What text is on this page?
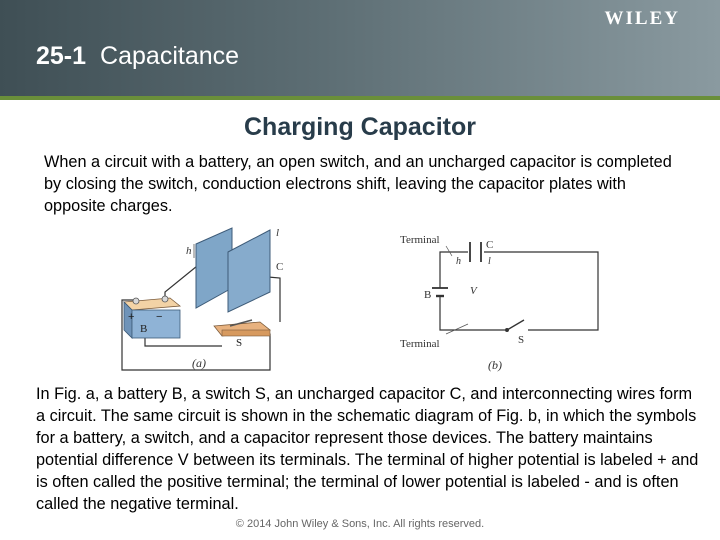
WILEY
25-1 Capacitance
Charging Capacitor
When a circuit with a battery, an open switch, and an uncharged capacitor is completed by closing the switch, conduction electrons shift, leaving the capacitor plates with opposite charges.
h
l
C
+ −
B
S
(a)
C
h	l
B	V
S
Terminal
Terminal
(b)
In Fig. a, a battery B, a switch S, an uncharged capacitor C, and interconnecting wires form a circuit. The same circuit is shown in the schematic diagram of Fig. b, in which the symbols for a battery, a switch, and a capacitor represent those devices. The battery maintains potential difference V between its terminals. The terminal of higher potential is labeled + and is often called the positive terminal; the terminal of lower potential is labeled - and is often called the negative terminal.
© 2014 John Wiley & Sons, Inc. All rights reserved.
